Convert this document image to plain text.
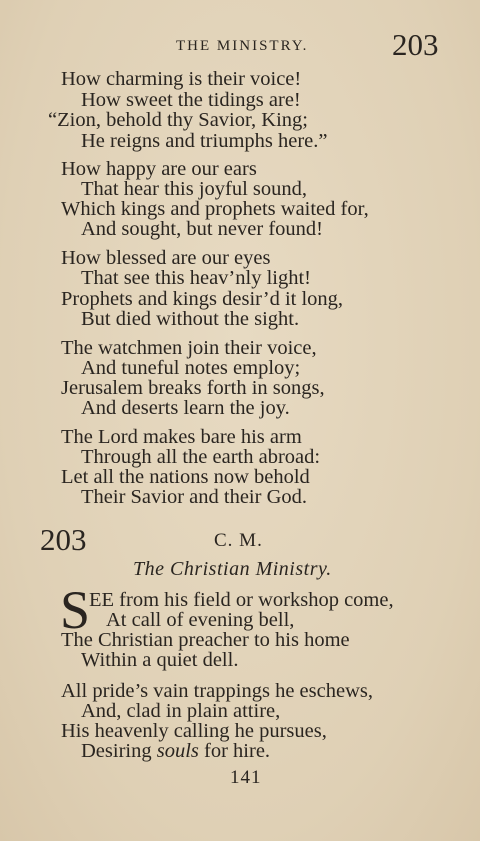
THE MINISTRY.	203
How charming is their voice!
How sweet the tidings are!
“Zion, behold thy Savior, King;
He reigns and triumphs here.”
How happy are our ears
That hear this joyful sound,
Which kings and prophets waited for,
And sought, but never found!
How blessed are our eyes
That see this heav’nly light!
Prophets and kings desir’d it long,
But died without the sight.
The watchmen join their voice,
And tuneful notes employ;
Jerusalem breaks forth in songs,
And deserts learn the joy.
The Lord makes bare his arm
Through all the earth abroad:
Let all the nations now behold
Their Savior and their God.
203	C. M.
The Christian Ministry.
S
EE from his field or workshop come,
At call of evening bell,
The Christian preacher to his home
Within a quiet dell.
All pride’s vain trappings he eschews,
And, clad in plain attire,
His heavenly calling he pursues,
Desiring souls for hire.
141
